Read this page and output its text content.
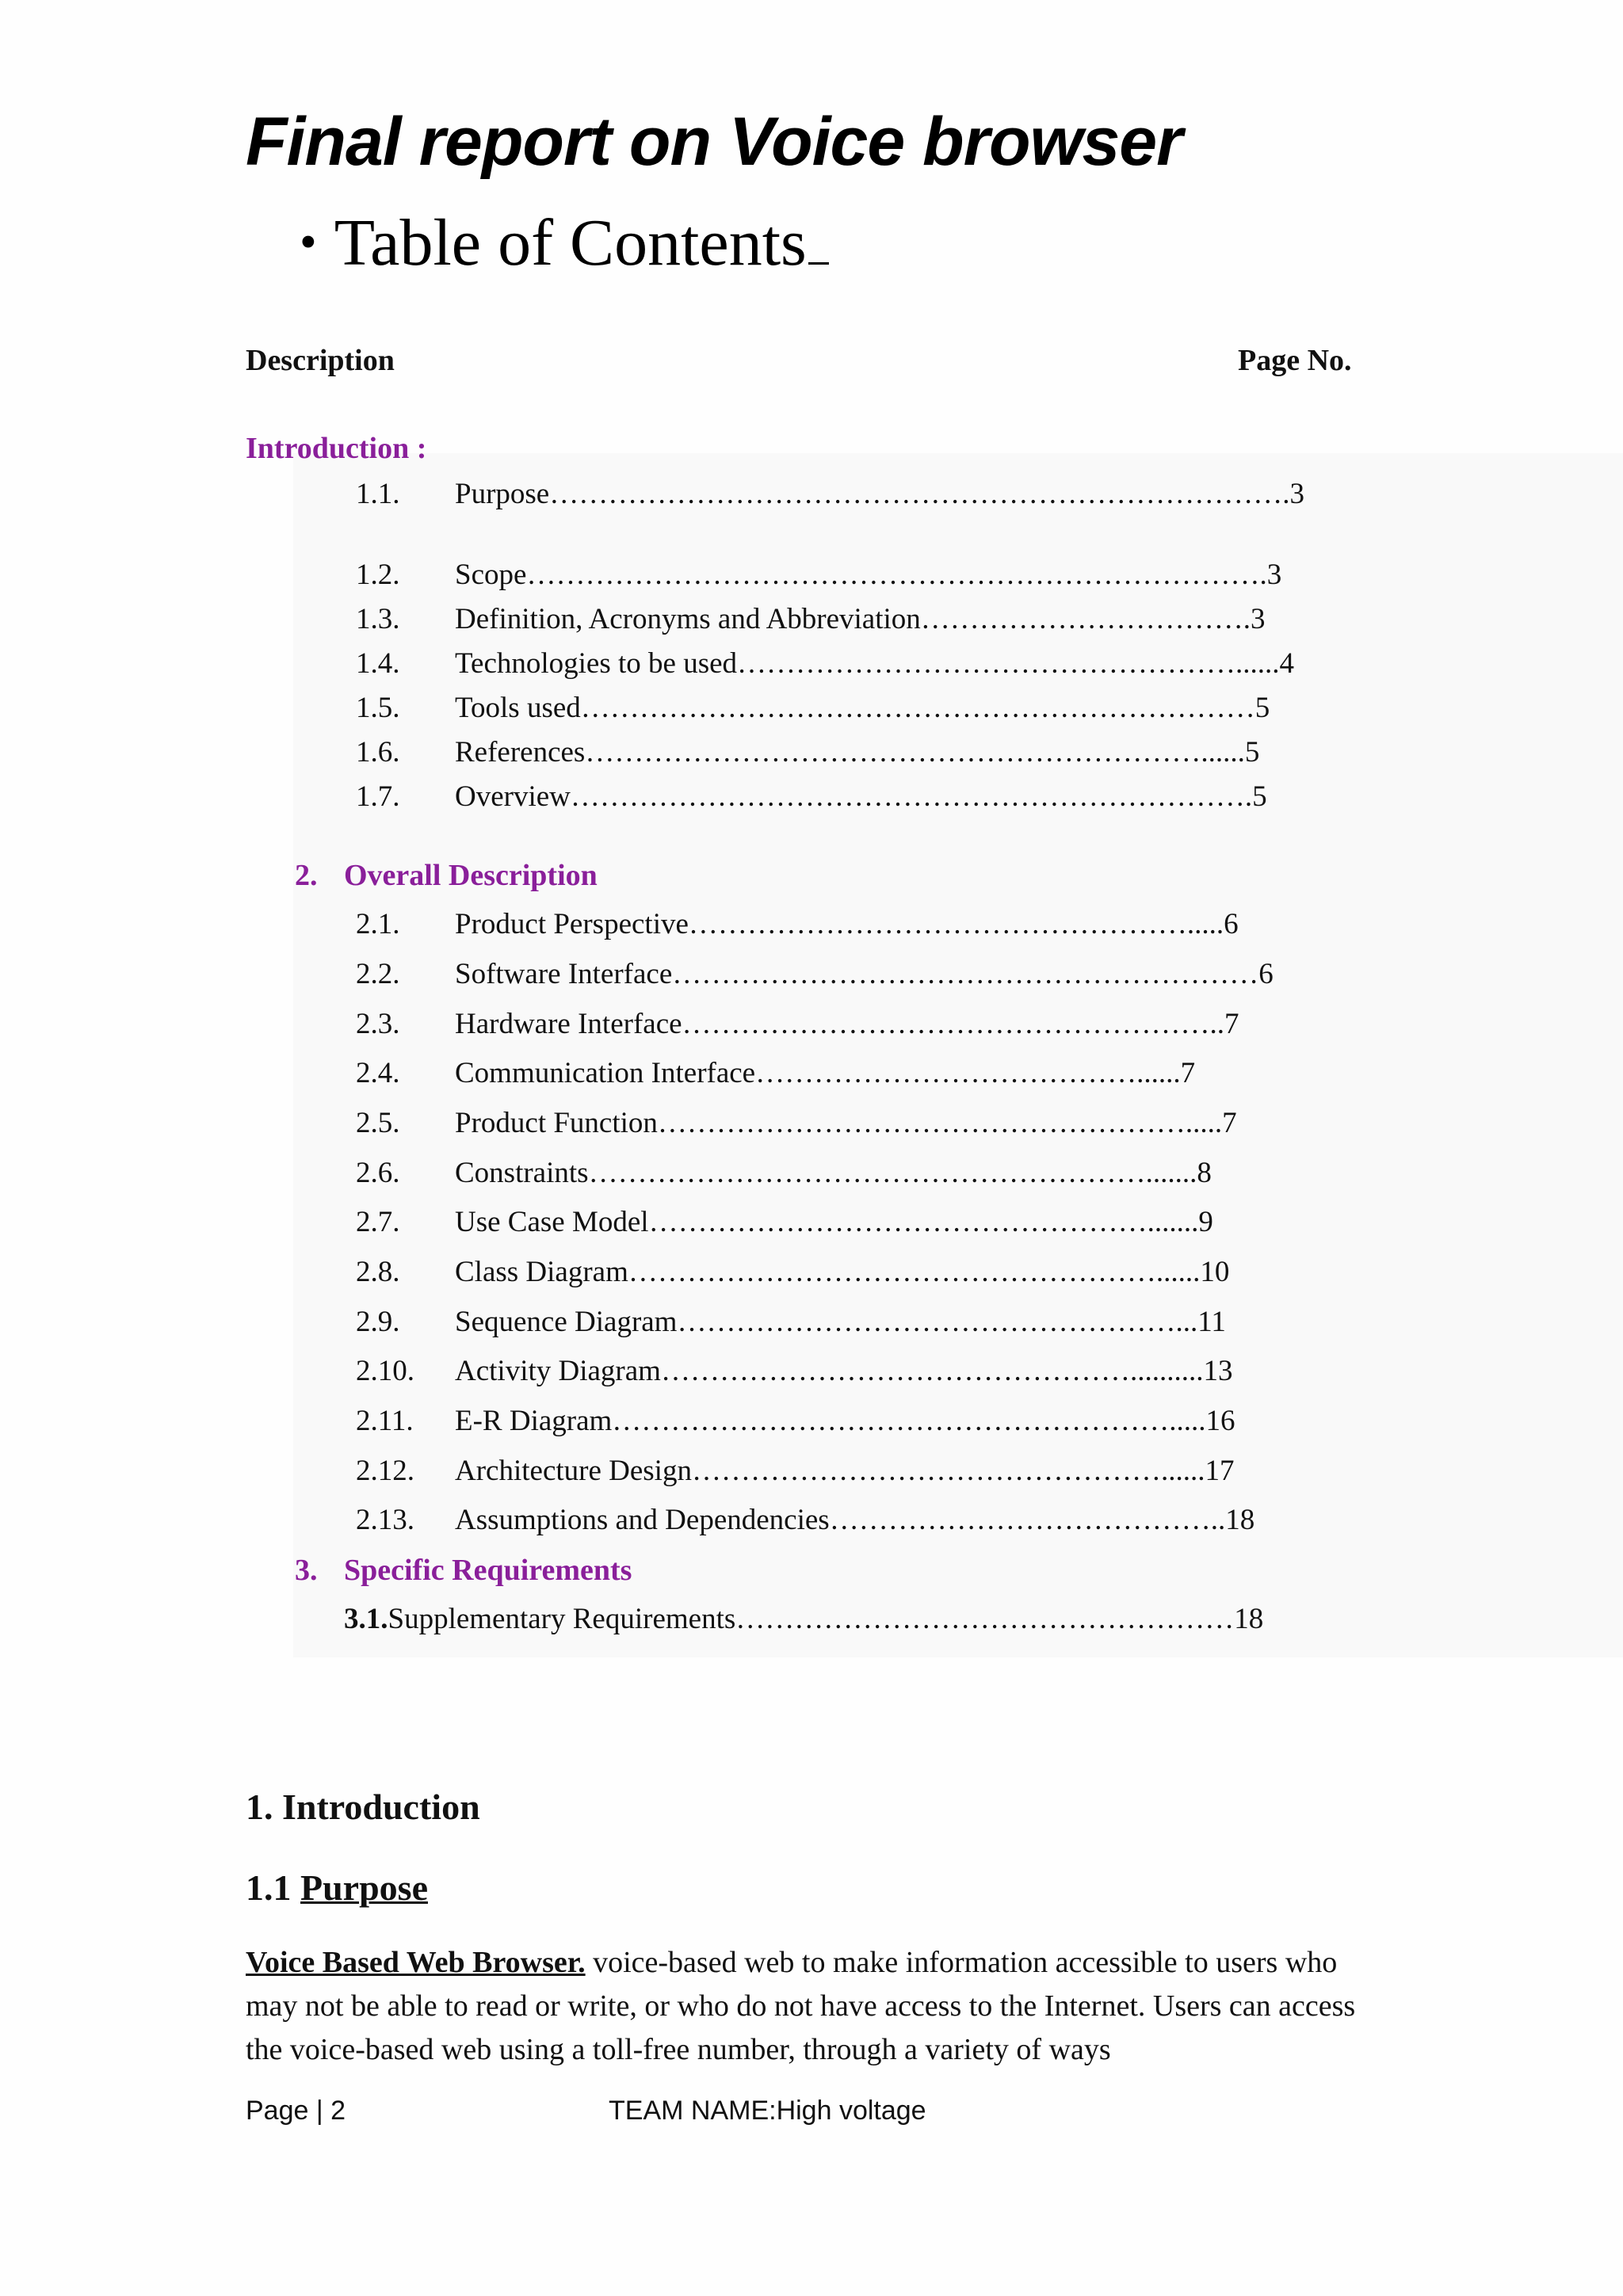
Final report on Voice browser
• Table of Contents
Description	Page No.
Introduction :
1.1.	Purpose …………………………………………………………………. 3
1.2.	Scope …………………………………………………………………. 3
1.3.	Definition, Acronyms and Abbreviation ……………………………. 3
1.4.	Technologies to be used ……………………………………………...... 4
1.5.	Tools used …………………………………………………………… 5
1.6.	References ………………………………………………………...... 5
1.7.	Overview ……………………………………………………………. 5
2. Overall Description
2.1.	Product Perspective ……………………………………………..... 6
2.2.	Software Interface …………………………………………………… 6
2.3.	Hardware Interface ……………………………………………….. 7
2.4.	Communication Interface …………………………………...... 7
2.5.	Product Function ………………………………………………..... 7
2.6.	Constraints …………………………………………………....... 8
2.7.	Use Case Model ……………………………………………....... 9
2.8.	Class Diagram ………………………………………………...... 10
2.9.	Sequence Diagram ……………………………………………... 11
2.10.	Activity Diagram ………………………………………….......... 13
2.11.	E-R Diagram …………………………………………………..... 16
2.12.	Architecture Design …………………………………………...... 17
2.13.	Assumptions and Dependencies ………………………………….. 18
3. Specific Requirements
3.1.Supplementary Requirements……………………………………………18
1. Introduction
1.1 Purpose
Voice Based Web Browser. voice-based web to make information accessible to users who may not be able to read or write, or who do not have access to the Internet. Users can access the voice-based web using a toll-free number, through a variety of ways
Page | 2	TEAM NAME:High voltage
